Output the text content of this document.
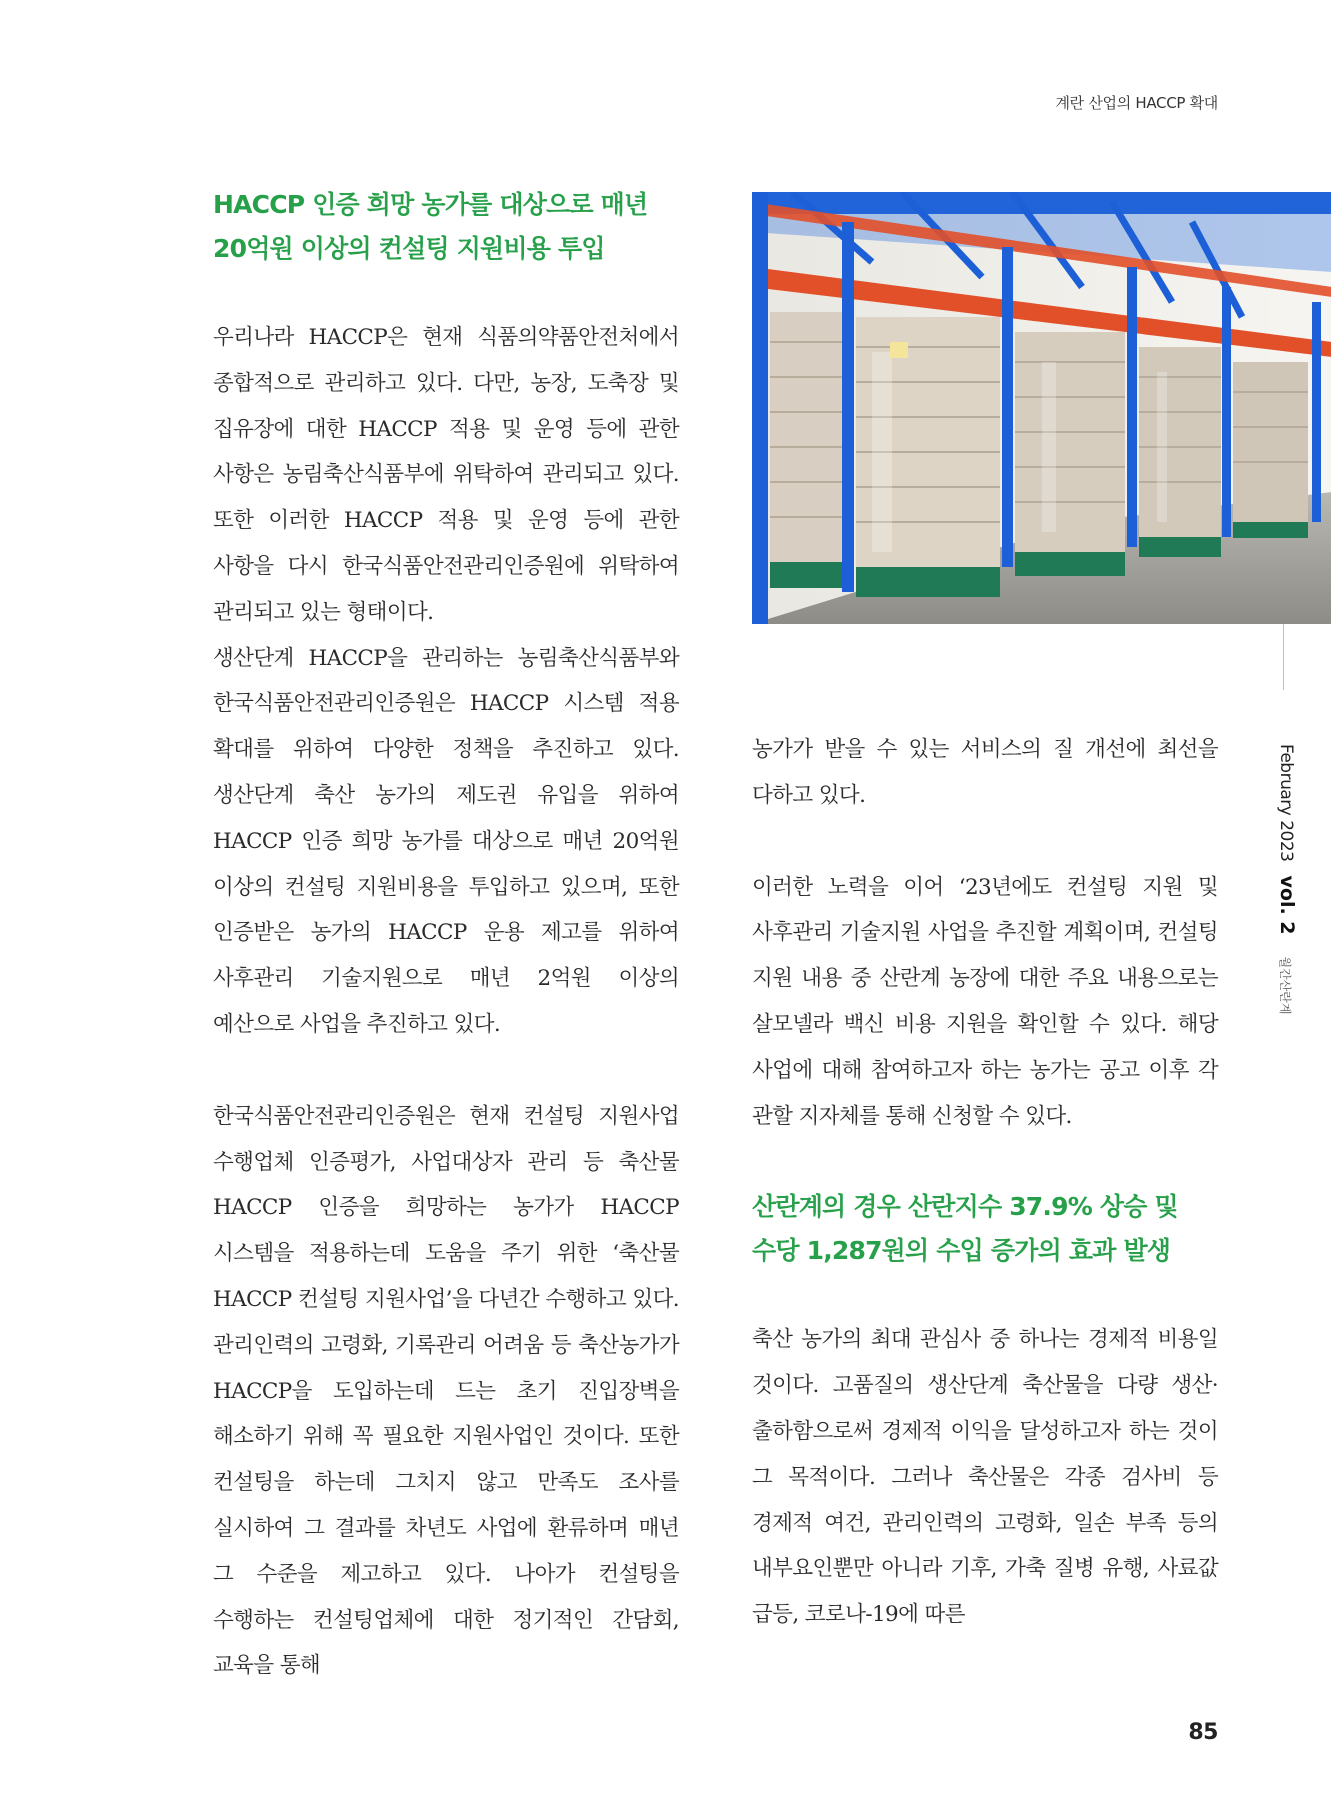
계란 산업의 HACCP 확대
HACCP 인증 희망 농가를 대상으로 매년
20억원 이상의 컨설팅 지원비용 투입

우리나라 HACCP은 현재 식품의약품안전처에서 종합적으로 관리하고 있다. 다만, 농장, 도축장 및 집유장에 대한 HACCP 적용 및 운영 등에 관한 사항은 농림축산식품부에 위탁하여 관리되고 있다. 또한 이러한 HACCP 적용 및 운영 등에 관한 사항을 다시 한국식품안전관리인증원에 위탁하여 관리되고 있는 형태이다.

생산단계 HACCP을 관리하는 농림축산식품부와 한국식품안전관리인증원은 HACCP 시스템 적용 확대를 위하여 다양한 정책을 추진하고 있다. 생산단계 축산 농가의 제도권 유입을 위하여 HACCP 인증 희망 농가를 대상으로 매년 20억원 이상의 컨설팅 지원비용을 투입하고 있으며, 또한 인증받은 농가의 HACCP 운용 제고를 위하여 사후관리 기술지원으로 매년 2억원 이상의 예산으로 사업을 추진하고 있다.

한국식품안전관리인증원은 현재 컨설팅 지원사업 수행업체 인증평가, 사업대상자 관리 등 축산물 HACCP 인증을 희망하는 농가가 HACCP 시스템을 적용하는데 도움을 주기 위한 ‘축산물 HACCP 컨설팅 지원사업’을 다년간 수행하고 있다. 관리인력의 고령화, 기록관리 어려움 등 축산농가가 HACCP을 도입하는데 드는 초기 진입장벽을 해소하기 위해 꼭 필요한 지원사업인 것이다. 또한 컨설팅을 하는데 그치지 않고 만족도 조사를 실시하여 그 결과를 차년도 사업에 환류하며 매년 그 수준을 제고하고 있다. 나아가 컨설팅을 수행하는 컨설팅업체에 대한 정기적인 간담회, 교육을 통해

농가가 받을 수 있는 서비스의 질 개선에 최선을 다하고 있다.

이러한 노력을 이어 ‘23년에도 컨설팅 지원 및 사후관리 기술지원 사업을 추진할 계획이며, 컨설팅 지원 내용 중 산란계 농장에 대한 주요 내용으로는 살모넬라 백신 비용 지원을 확인할 수 있다. 해당 사업에 대해 참여하고자 하는 농가는 공고 이후 각 관할 지자체를 통해 신청할 수 있다.

산란계의 경우 산란지수 37.9% 상승 및
수당 1,287원의 수입 증가의 효과 발생

축산 농가의 최대 관심사 중 하나는 경제적 비용일 것이다. 고품질의 생산단계 축산물을 다량 생산·출하함으로써 경제적 이익을 달성하고자 하는 것이 그 목적이다. 그러나 축산물은 각종 검사비 등 경제적 여건, 관리인력의 고령화, 일손 부족 등의 내부요인뿐만 아니라 기후, 가축 질병 유행, 사료값 급등, 코로나-19에 따른

February 2023vol. 2월간산란계
85
